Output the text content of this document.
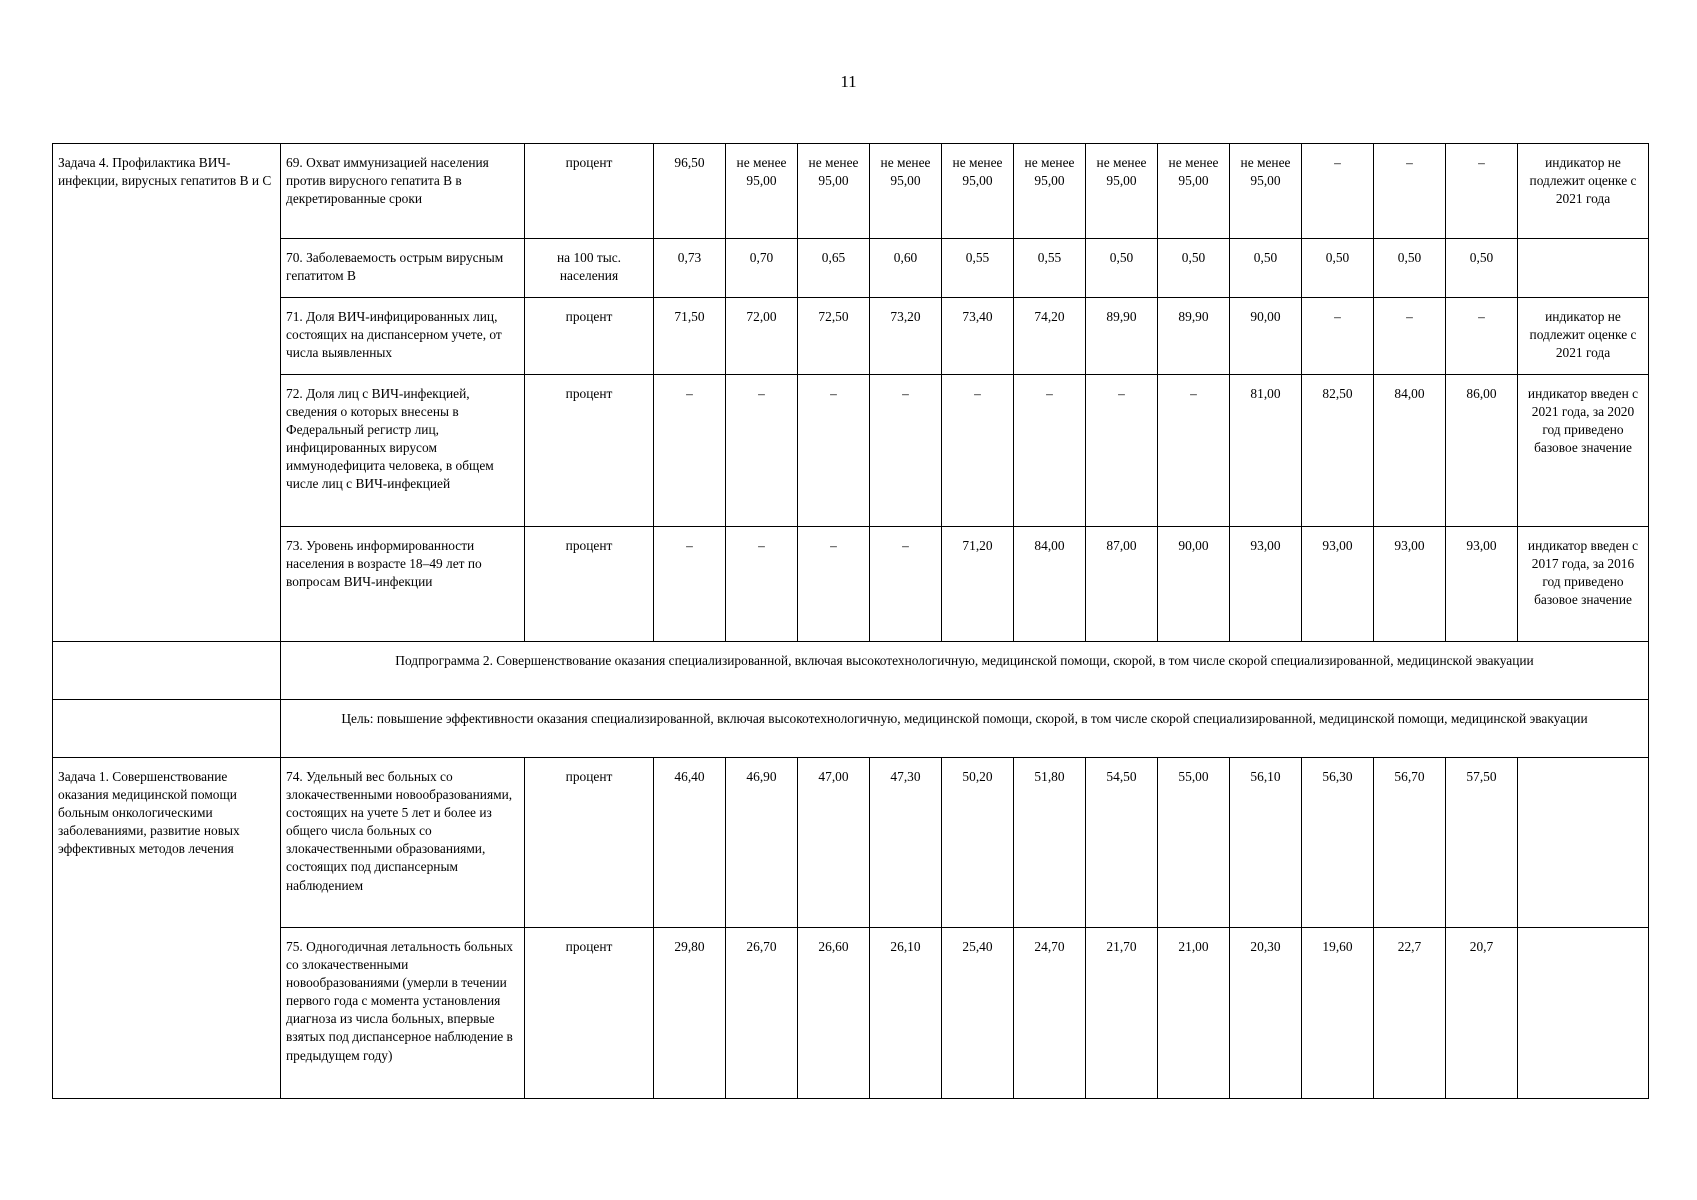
11
Задача 4. Профилактика ВИЧ-инфекции, вирусных гепатитов В и С	69. Охват иммунизацией населения против вирусного гепатита В в декретированные сроки	процент	96,50	не менее 95,00	не менее 95,00	не менее 95,00	не менее 95,00	не менее 95,00	не менее 95,00	не менее 95,00	не менее 95,00	–	–	–	индикатор не подлежит оценке с 2021 года
	70. Заболеваемость острым вирусным гепатитом В	на 100 тыс. населения	0,73	0,70	0,65	0,60	0,55	0,55	0,50	0,50	0,50	0,50	0,50	0,50	
	71. Доля ВИЧ-инфицированных лиц, состоящих на диспансерном учете, от числа выявленных	процент	71,50	72,00	72,50	73,20	73,40	74,20	89,90	89,90	90,00	–	–	–	индикатор не подлежит оценке с 2021 года
	72. Доля лиц с ВИЧ-инфекцией, сведения о которых внесены в Федеральный регистр лиц, инфицированных вирусом иммунодефицита человека, в общем числе лиц с ВИЧ-инфекцией	процент	–	–	–	–	–	–	–	–	81,00	82,50	84,00	86,00	индикатор введен с 2021 года, за 2020 год приведено базовое значение
	73. Уровень информированности населения в возрасте 18–49 лет по вопросам ВИЧ-инфекции	процент	–	–	–	–	71,20	84,00	87,00	90,00	93,00	93,00	93,00	93,00	индикатор введен с 2017 года, за 2016 год приведено базовое значение
	Подпрограмма 2. Совершенствование оказания специализированной, включая высокотехнологичную, медицинской помощи, скорой, в том числе скорой специализированной, медицинской эвакуации														
	Цель: повышение эффективности оказания специализированной, включая высокотехнологичную, медицинской помощи, скорой, в том числе скорой специализированной, медицинской помощи, медицинской эвакуации														
Задача 1. Совершенствование оказания медицинской помощи больным онкологическими заболеваниями, развитие новых эффективных методов лечения	74. Удельный вес больных со злокачественными новообразованиями, состоящих на учете 5 лет и более из общего числа больных со злокачественными образованиями, состоящих под диспансерным наблюдением	процент	46,40	46,90	47,00	47,30	50,20	51,80	54,50	55,00	56,10	56,30	56,70	57,50	
	75. Одногодичная летальность больных со злокачественными новообразованиями (умерли в течении первого года с момента установления диагноза из числа больных, впервые взятых под диспансерное наблюдение в предыдущем году)	процент	29,80	26,70	26,60	26,10	25,40	24,70	21,70	21,00	20,30	19,60	22,7	20,7	
